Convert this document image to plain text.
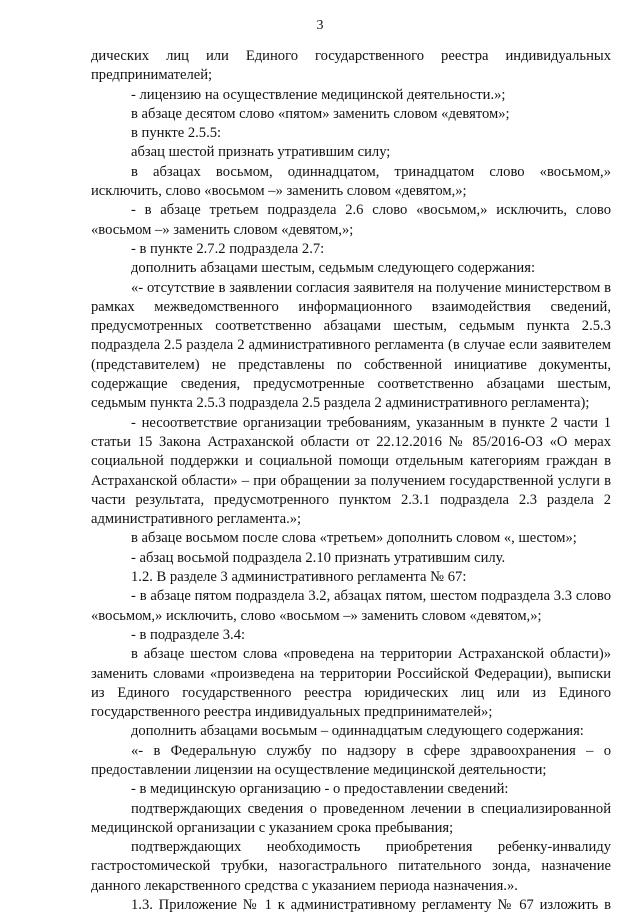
3

дических лиц или Единого государственного реестра индивидуальных предпринимателей;

- лицензию на осуществление медицинской деятельности.»;

в абзаце десятом слово «пятом» заменить словом «девятом»;

в пункте 2.5.5:

абзац шестой признать утратившим силу;

в абзацах восьмом, одиннадцатом, тринадцатом слово «восьмом,» исключить, слово «восьмом –» заменить словом «девятом,»;

- в абзаце третьем подраздела 2.6 слово «восьмом,» исключить, слово «восьмом –» заменить словом «девятом,»;

- в пункте 2.7.2 подраздела 2.7:

дополнить абзацами шестым, седьмым следующего содержания:

«- отсутствие в заявлении согласия заявителя на получение министерством в рамках межведомственного информационного взаимодействия сведений, предусмотренных соответственно абзацами шестым, седьмым пункта 2.5.3 подраздела 2.5 раздела 2 административного регламента (в случае если заявителем (представителем) не представлены по собственной инициативе документы, содержащие сведения, предусмотренные соответственно абзацами шестым, седьмым пункта 2.5.3 подраздела 2.5 раздела 2 административного регламента);

- несоответствие организации требованиям, указанным в пункте 2 части 1 статьи 15 Закона Астраханской области от 22.12.2016 № 85/2016-ОЗ «О мерах социальной поддержки и социальной помощи отдельным категориям граждан в Астраханской области» – при обращении за получением государственной услуги в части результата, предусмотренного пунктом 2.3.1 подраздела 2.3 раздела 2 административного регламента.»;

в абзаце восьмом после слова «третьем» дополнить словом «, шестом»;

- абзац восьмой подраздела 2.10 признать утратившим силу.

1.2. В разделе 3 административного регламента № 67:

- в абзаце пятом подраздела 3.2, абзацах пятом, шестом подраздела 3.3 слово «восьмом,» исключить, слово «восьмом –» заменить словом «девятом,»;

- в подразделе 3.4:

в абзаце шестом слова «проведена на территории Астраханской области)» заменить словами «произведена на территории Российской Федерации), выписки из Единого государственного реестра юридических лиц или из Единого государственного реестра индивидуальных предпринимателей»;

дополнить абзацами восьмым – одиннадцатым следующего содержания:

«- в Федеральную службу по надзору в сфере здравоохранения – о предоставлении лицензии на осуществление медицинской деятельности;

- в медицинскую организацию - о предоставлении сведений:

подтверждающих сведения о проведенном лечении в специализированной медицинской организации с указанием срока пребывания;

подтверждающих необходимость приобретения ребенку-инвалиду гастростомической трубки, назогастрального питательного зонда, назначение данного лекарственного средства с указанием периода назначения.».

1.3. Приложение № 1 к административному регламенту № 67 изложить в
